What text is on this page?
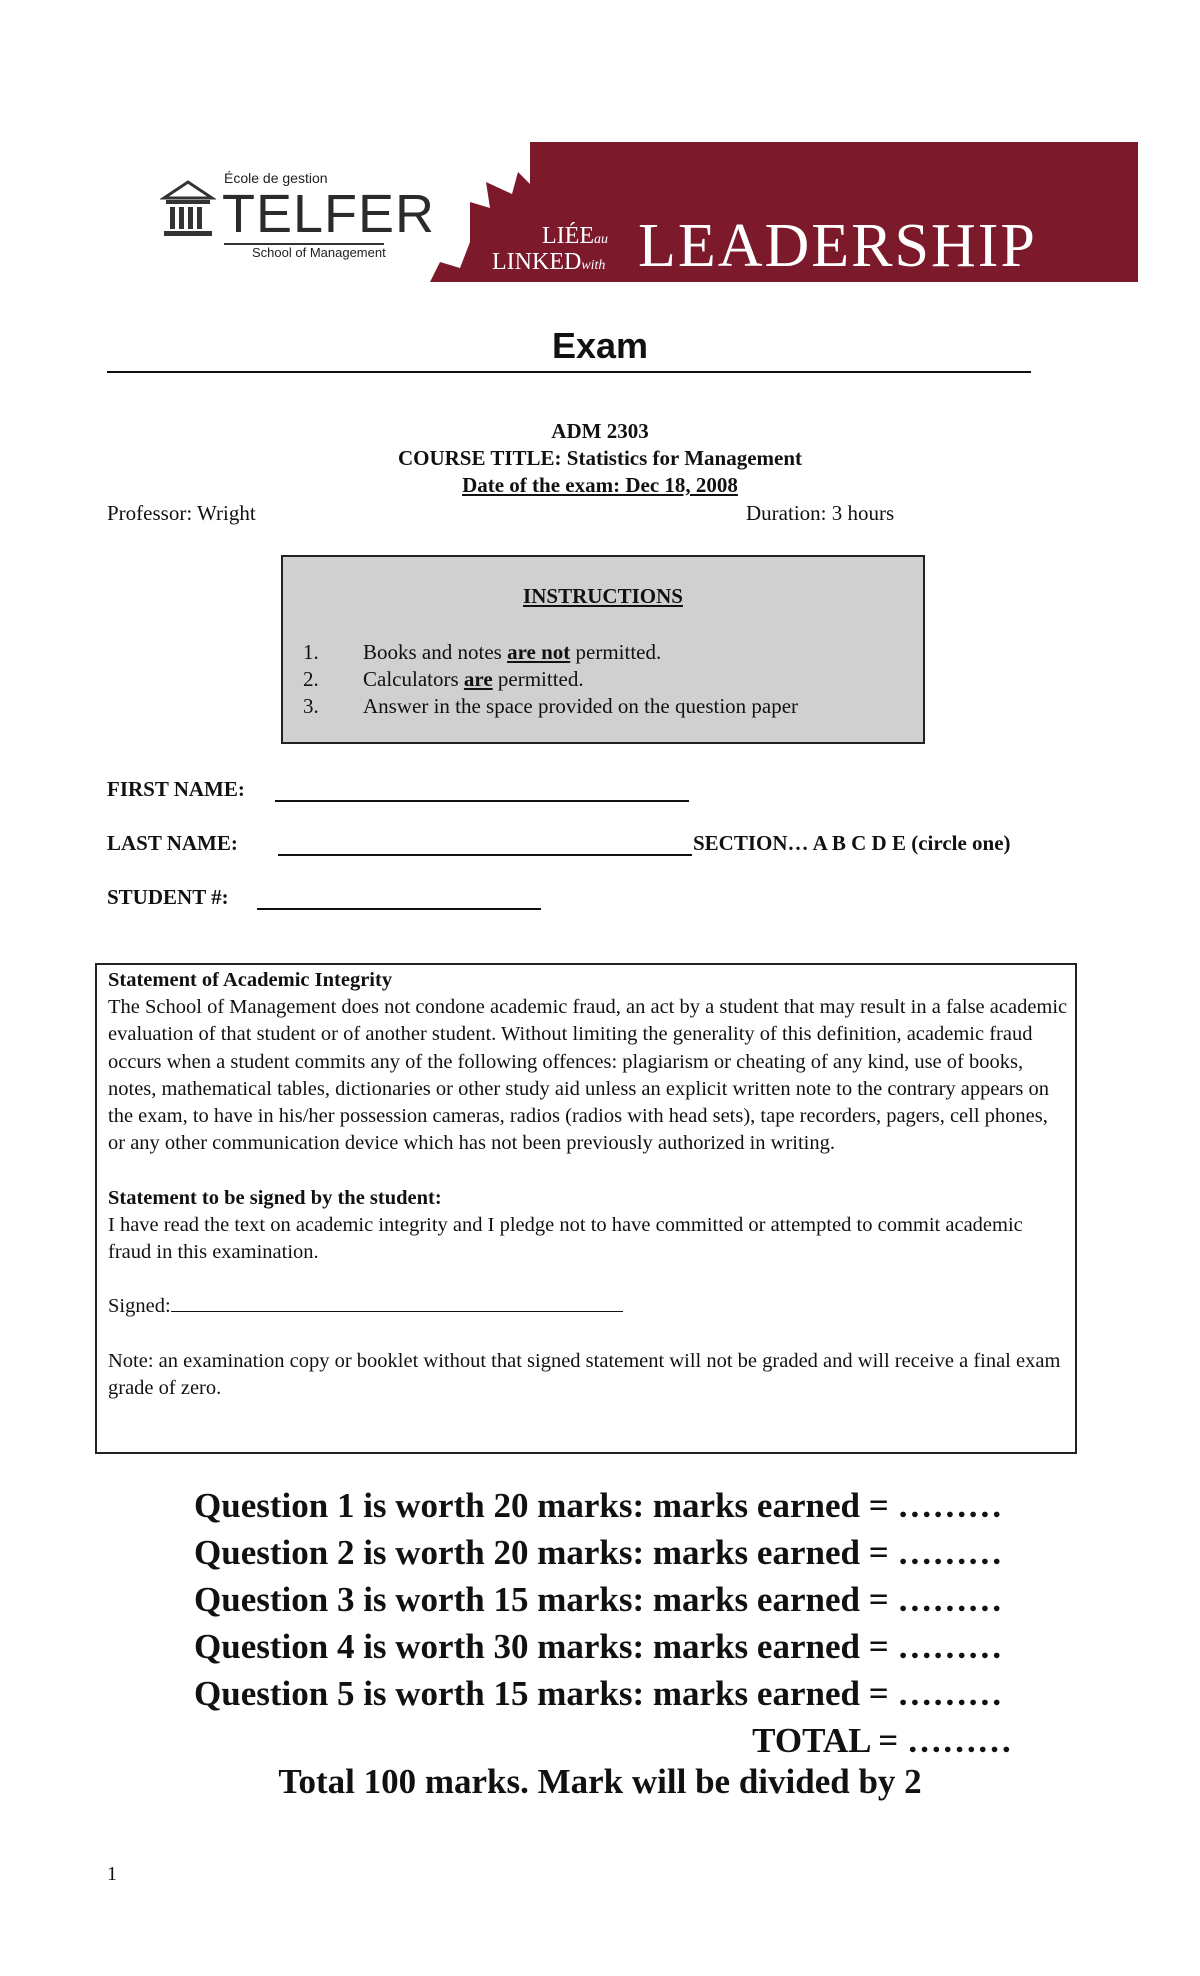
École de gestion
TELFER
School of Management
LIÉEau
LINKEDwith LEADERSHIP
Exam
ADM 2303
COURSE TITLE: Statistics for Management
Date of the exam: Dec 18, 2008
Professor: Wright	Duration: 3 hours
INSTRUCTIONS
1.	Books and notes are not permitted.
2.	Calculators are permitted.
3.	Answer in the space provided on the question paper
FIRST NAME:
LAST NAME:	SECTION… A B C D E (circle one)
STUDENT #:

Statement of Academic Integrity

The School of Management does not condone academic fraud, an act by a student that may result in a false academic evaluation of that student or of another student. Without limiting the generality of this definition, academic fraud occurs when a student commits any of the following offences: plagiarism or cheating of any kind, use of books, notes, mathematical tables, dictionaries or other study aid unless an explicit written note to the contrary appears on the exam, to have in his/her possession cameras, radios (radios with head sets), tape recorders, pagers, cell phones, or any other communication device which has not been previously authorized in writing.

Statement to be signed by the student:

I have read the text on academic integrity and I pledge not to have committed or attempted to commit academic fraud in this examination.

Signed:

Note: an examination copy or booklet without that signed statement will not be graded and will receive a final exam grade of zero.

Question 1 is worth 20 marks: marks earned = ………
Question 2 is worth 20 marks: marks earned = ………
Question 3 is worth 15 marks: marks earned = ………
Question 4 is worth 30 marks: marks earned = ………
Question 5 is worth 15 marks: marks earned = ………
TOTAL = ………
Total 100 marks. Mark will be divided by 2
1
